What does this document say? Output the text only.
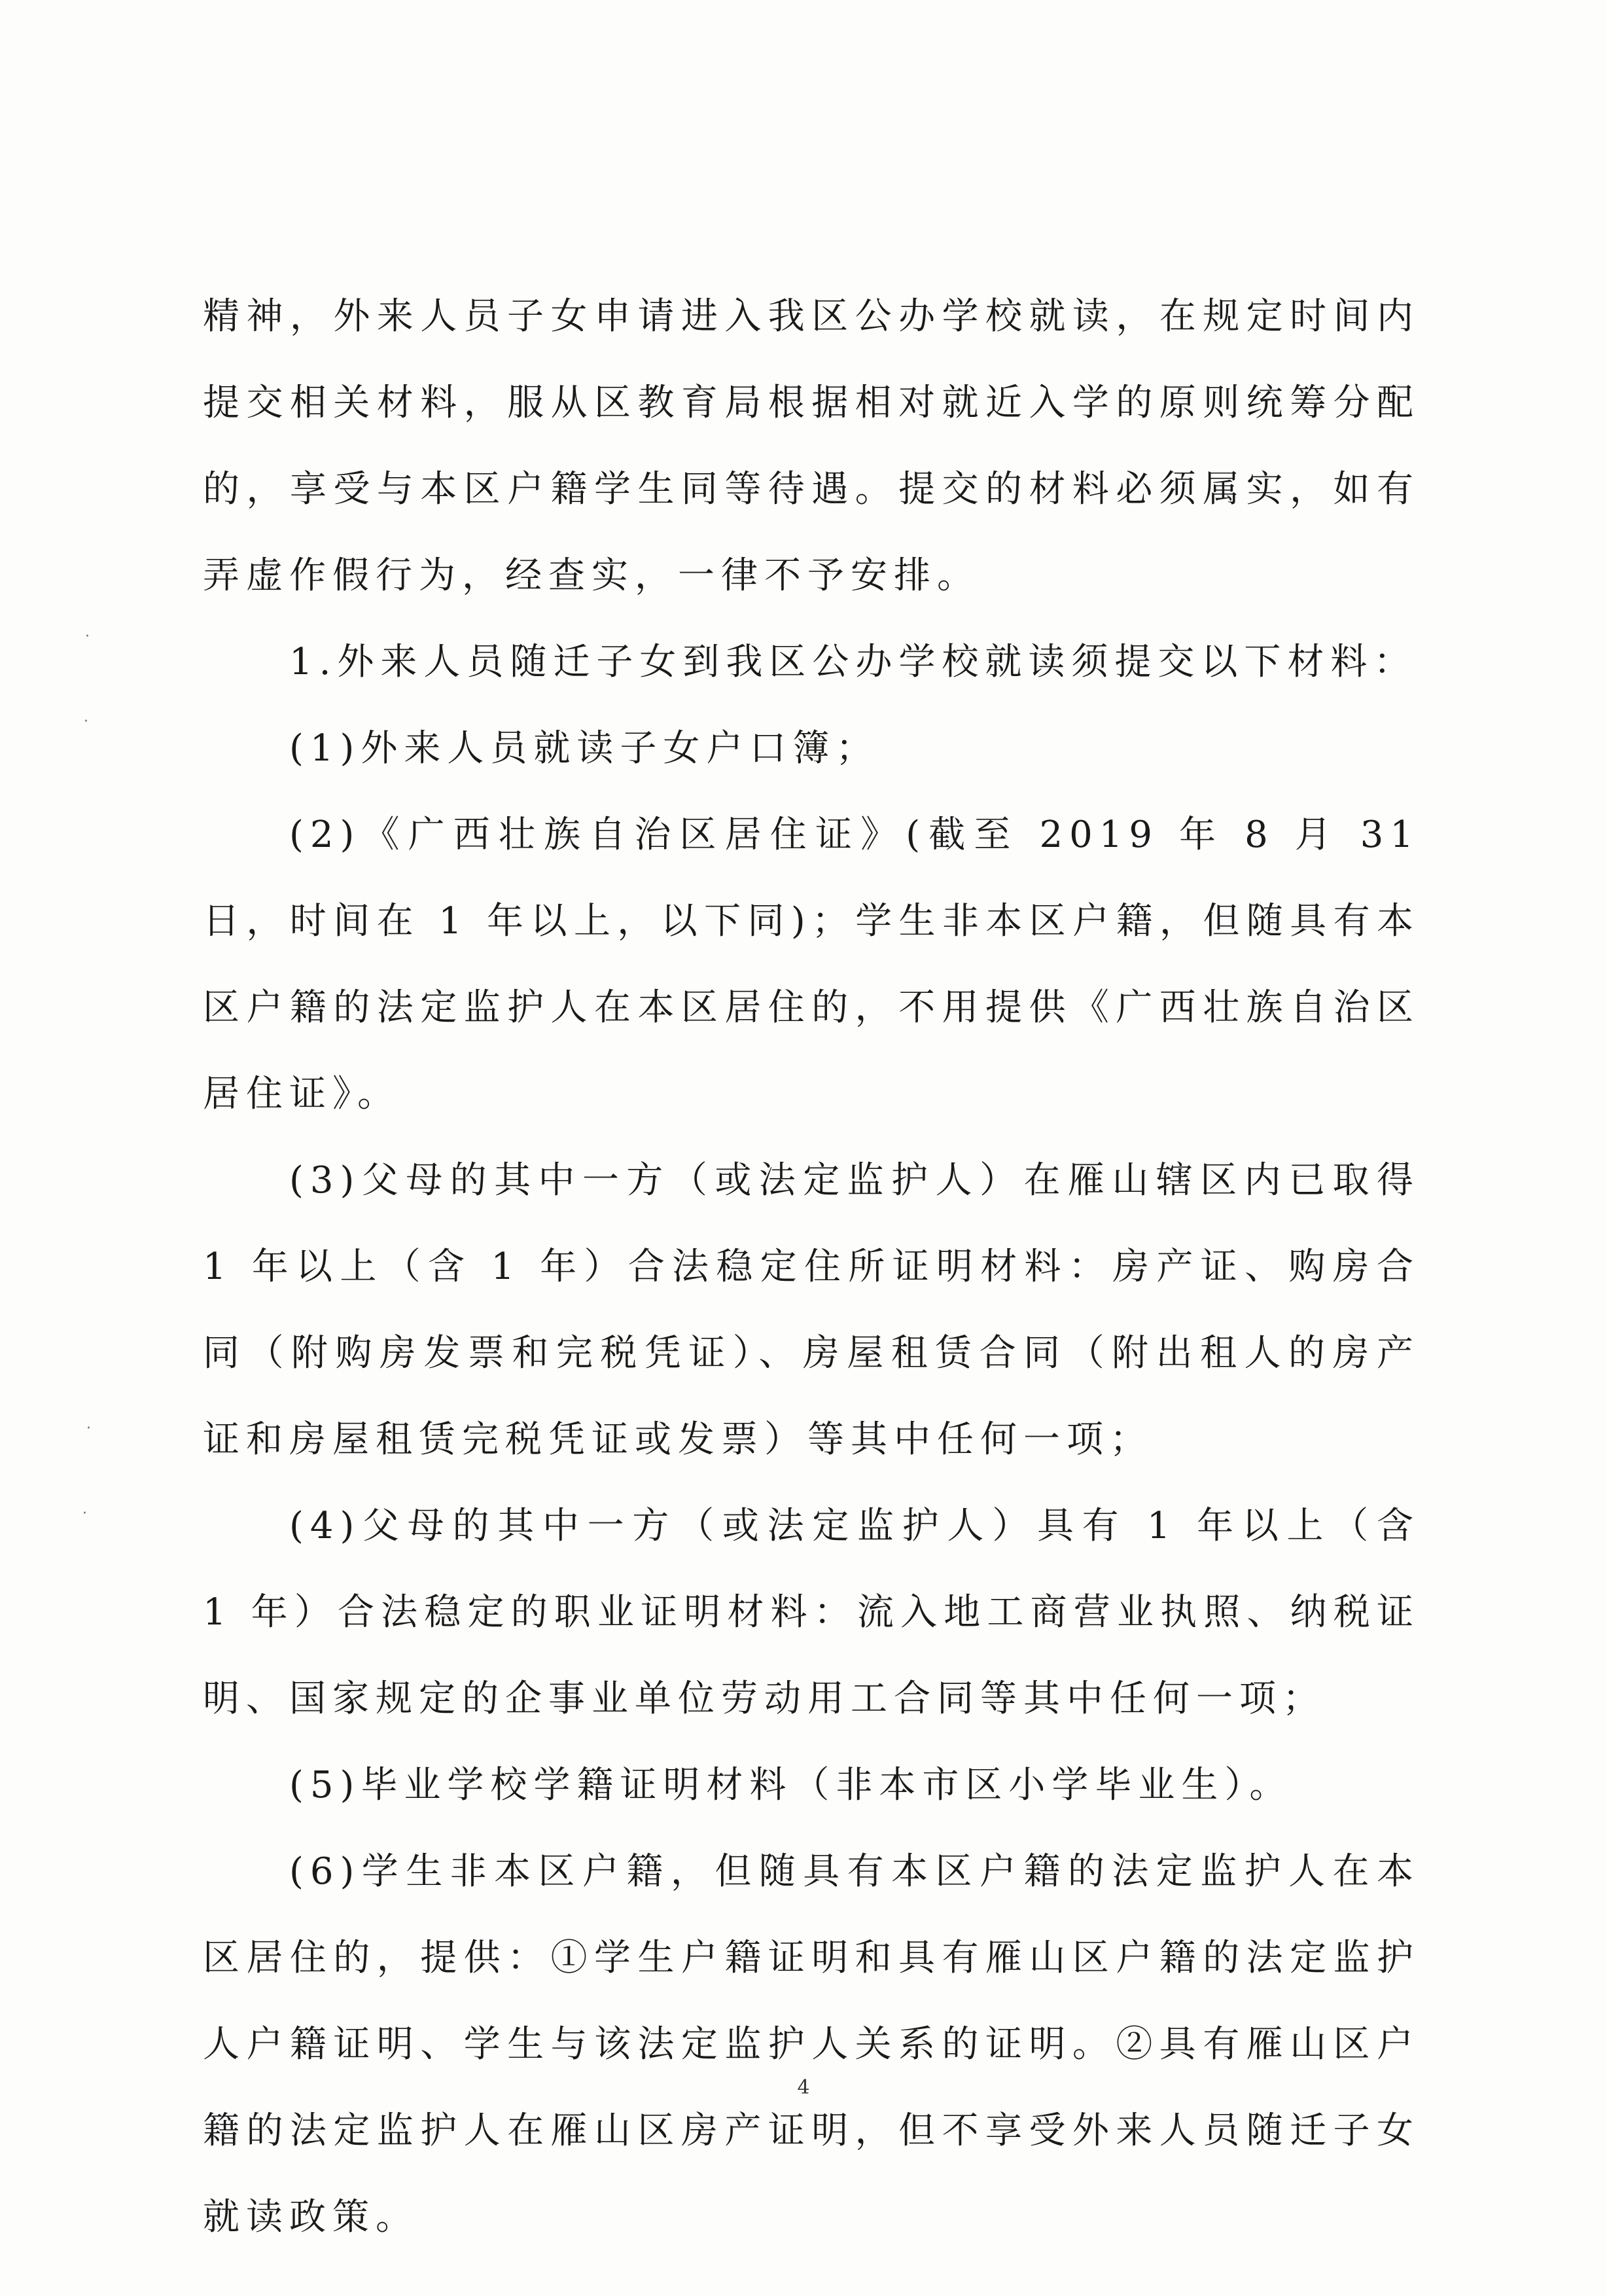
·
·
·
·

精神，外来人员子女申请进入我区公办学校就读，在规定时间内提交相关材料，服从区教育局根据相对就近入学的原则统筹分配的，享受与本区户籍学生同等待遇。提交的材料必须属实，如有弄虚作假行为，经查实，一律不予安排。

1.外来人员随迁子女到我区公办学校就读须提交以下材料：

(1)外来人员就读子女户口簿；

(2)《广西壮族自治区居住证》(截至 2019 年 8 月 31 日，时间在 1 年以上，以下同)；学生非本区户籍，但随具有本区户籍的法定监护人在本区居住的，不用提供《广西壮族自治区居住证》。

(3)父母的其中一方（或法定监护人）在雁山辖区内已取得 1 年以上（含 1 年）合法稳定住所证明材料：房产证、购房合同（附购房发票和完税凭证）、房屋租赁合同（附出租人的房产证和房屋租赁完税凭证或发票）等其中任何一项；

(4)父母的其中一方（或法定监护人）具有 1 年以上（含 1 年）合法稳定的职业证明材料：流入地工商营业执照、纳税证明、国家规定的企事业单位劳动用工合同等其中任何一项；

(5)毕业学校学籍证明材料（非本市区小学毕业生）。

(6)学生非本区户籍，但随具有本区户籍的法定监护人在本区居住的，提供：①学生户籍证明和具有雁山区户籍的法定监护人户籍证明、学生与该法定监护人关系的证明。②具有雁山区户籍的法定监护人在雁山区房产证明，但不享受外来人员随迁子女就读政策。

4
